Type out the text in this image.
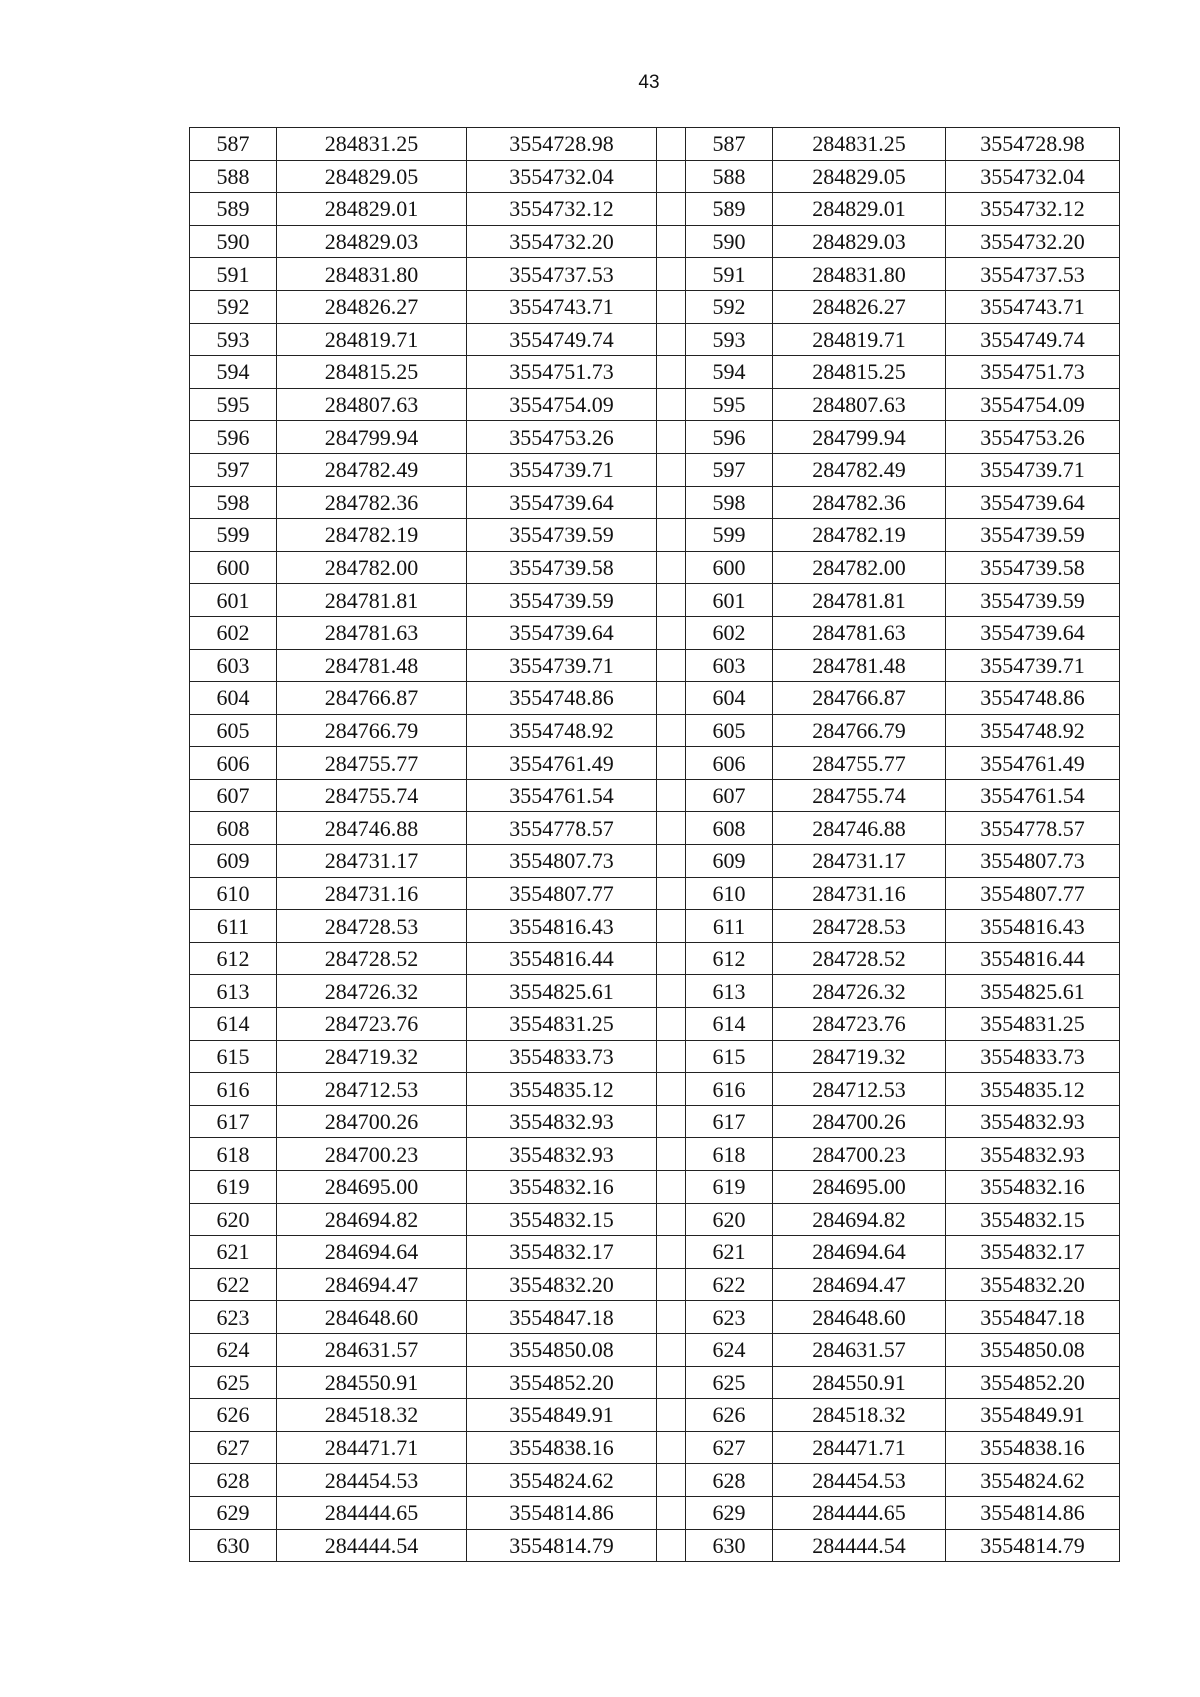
43
587	284831.25	3554728.98		587	284831.25	3554728.98
588	284829.05	3554732.04		588	284829.05	3554732.04
589	284829.01	3554732.12		589	284829.01	3554732.12
590	284829.03	3554732.20		590	284829.03	3554732.20
591	284831.80	3554737.53		591	284831.80	3554737.53
592	284826.27	3554743.71		592	284826.27	3554743.71
593	284819.71	3554749.74		593	284819.71	3554749.74
594	284815.25	3554751.73		594	284815.25	3554751.73
595	284807.63	3554754.09		595	284807.63	3554754.09
596	284799.94	3554753.26		596	284799.94	3554753.26
597	284782.49	3554739.71		597	284782.49	3554739.71
598	284782.36	3554739.64		598	284782.36	3554739.64
599	284782.19	3554739.59		599	284782.19	3554739.59
600	284782.00	3554739.58		600	284782.00	3554739.58
601	284781.81	3554739.59		601	284781.81	3554739.59
602	284781.63	3554739.64		602	284781.63	3554739.64
603	284781.48	3554739.71		603	284781.48	3554739.71
604	284766.87	3554748.86		604	284766.87	3554748.86
605	284766.79	3554748.92		605	284766.79	3554748.92
606	284755.77	3554761.49		606	284755.77	3554761.49
607	284755.74	3554761.54		607	284755.74	3554761.54
608	284746.88	3554778.57		608	284746.88	3554778.57
609	284731.17	3554807.73		609	284731.17	3554807.73
610	284731.16	3554807.77		610	284731.16	3554807.77
611	284728.53	3554816.43		611	284728.53	3554816.43
612	284728.52	3554816.44		612	284728.52	3554816.44
613	284726.32	3554825.61		613	284726.32	3554825.61
614	284723.76	3554831.25		614	284723.76	3554831.25
615	284719.32	3554833.73		615	284719.32	3554833.73
616	284712.53	3554835.12		616	284712.53	3554835.12
617	284700.26	3554832.93		617	284700.26	3554832.93
618	284700.23	3554832.93		618	284700.23	3554832.93
619	284695.00	3554832.16		619	284695.00	3554832.16
620	284694.82	3554832.15		620	284694.82	3554832.15
621	284694.64	3554832.17		621	284694.64	3554832.17
622	284694.47	3554832.20		622	284694.47	3554832.20
623	284648.60	3554847.18		623	284648.60	3554847.18
624	284631.57	3554850.08		624	284631.57	3554850.08
625	284550.91	3554852.20		625	284550.91	3554852.20
626	284518.32	3554849.91		626	284518.32	3554849.91
627	284471.71	3554838.16		627	284471.71	3554838.16
628	284454.53	3554824.62		628	284454.53	3554824.62
629	284444.65	3554814.86		629	284444.65	3554814.86
630	284444.54	3554814.79		630	284444.54	3554814.79
